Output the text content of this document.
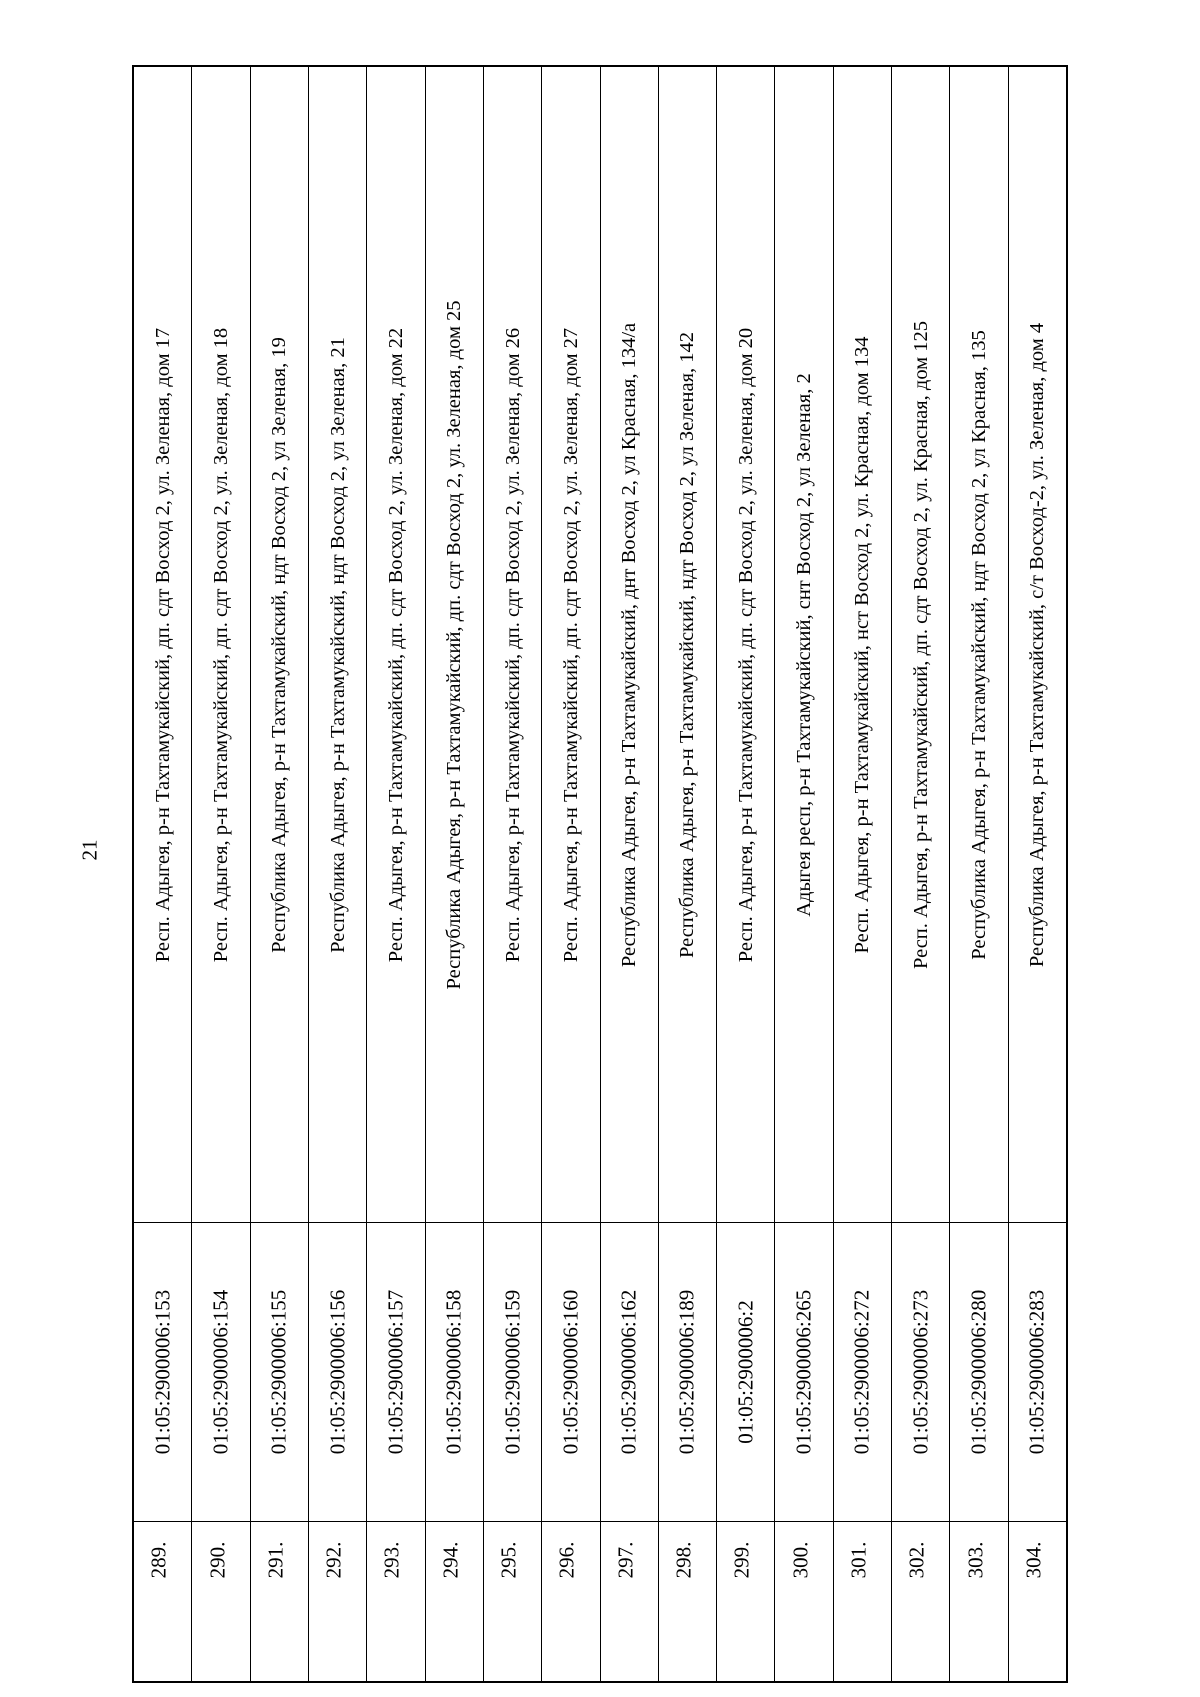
21
289.
01:05:2900006:153
Респ. Адыгея, р-н Тахтамукайский, дп. сдт Восход 2, ул. Зеленая, дом 17
290.
01:05:2900006:154
Респ. Адыгея, р-н Тахтамукайский, дп. сдт Восход 2, ул. Зеленая, дом 18
291.
01:05:2900006:155
Республика Адыгея, р-н Тахтамукайский, ндт Восход 2, ул Зеленая, 19
292.
01:05:2900006:156
Республика Адыгея, р-н Тахтамукайский, ндт Восход 2, ул Зеленая, 21
293.
01:05:2900006:157
Респ. Адыгея, р-н Тахтамукайский, дп. сдт Восход 2, ул. Зеленая, дом 22
294.
01:05:2900006:158
Республика Адыгея, р-н Тахтамукайский, дп. сдт Восход 2, ул. Зеленая, дом 25
295.
01:05:2900006:159
Респ. Адыгея, р-н Тахтамукайский, дп. сдт Восход 2, ул. Зеленая, дом 26
296.
01:05:2900006:160
Респ. Адыгея, р-н Тахтамукайский, дп. сдт Восход 2, ул. Зеленая, дом 27
297.
01:05:2900006:162
Республика Адыгея, р-н Тахтамукайский, днт Восход 2, ул Красная, 134/а
298.
01:05:2900006:189
Республика Адыгея, р-н Тахтамукайский, ндт Восход 2, ул Зеленая, 142
299.
01:05:2900006:2
Респ. Адыгея, р-н Тахтамукайский, дп. сдт Восход 2, ул. Зеленая, дом 20
300.
01:05:2900006:265
Адыгея респ, р-н Тахтамукайский, снт Восход 2, ул Зеленая, 2
301.
01:05:2900006:272
Респ. Адыгея, р-н Тахтамукайский, нст Восход 2, ул. Красная, дом 134
302.
01:05:2900006:273
Респ. Адыгея, р-н Тахтамукайский, дп. сдт Восход 2, ул. Красная, дом 125
303.
01:05:2900006:280
Республика Адыгея, р-н Тахтамукайский, ндт Восход 2, ул Красная, 135
304.
01:05:2900006:283
Республика Адыгея, р-н Тахтамукайский, с/т Восход-2, ул. Зеленая, дом 4
